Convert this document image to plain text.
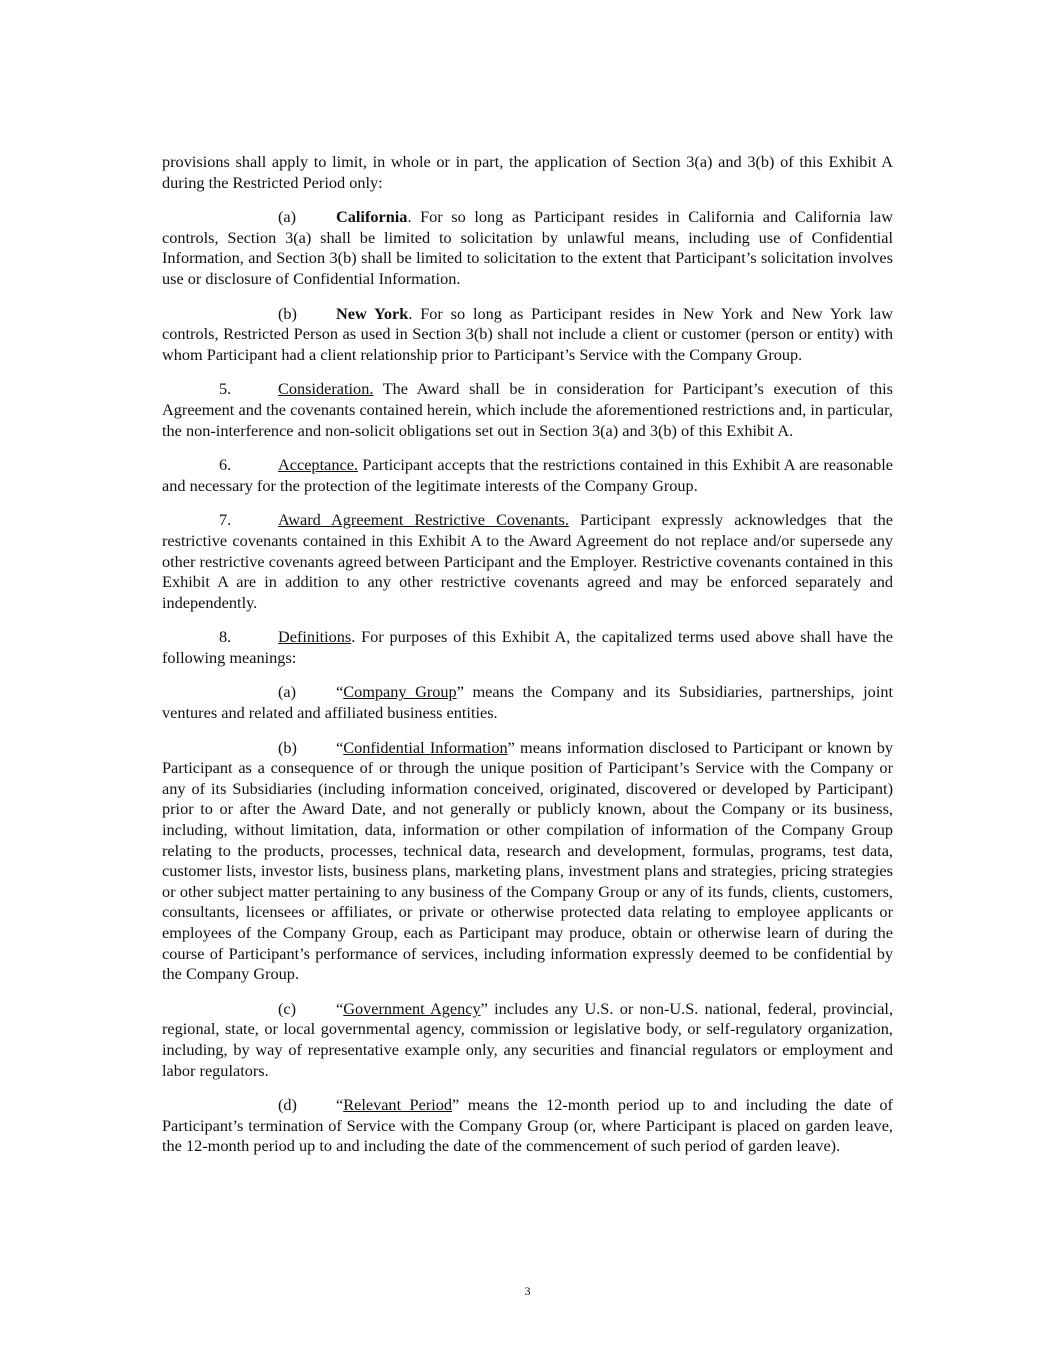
provisions shall apply to limit, in whole or in part, the application of Section 3(a) and 3(b) of this Exhibit A during the Restricted Period only:

(a) California. For so long as Participant resides in California and California law controls, Section 3(a) shall be limited to solicitation by unlawful means, including use of Confidential Information, and Section 3(b) shall be limited to solicitation to the extent that Participant’s solicitation involves use or disclosure of Confidential Information.

(b) New York. For so long as Participant resides in New York and New York law controls, Restricted Person as used in Section 3(b) shall not include a client or customer (person or entity) with whom Participant had a client relationship prior to Participant’s Service with the Company Group.

5.	Consideration. The Award shall be in consideration for Participant’s execution of this Agreement and the covenants contained herein, which include the aforementioned restrictions and, in particular, the non-interference and non-solicit obligations set out in Section 3(a) and 3(b) of this Exhibit A.

6.	Acceptance. Participant accepts that the restrictions contained in this Exhibit A are reasonable and necessary for the protection of the legitimate interests of the Company Group.

7.	Award Agreement Restrictive Covenants. Participant expressly acknowledges that the restrictive covenants contained in this Exhibit A to the Award Agreement do not replace and/or supersede any other restrictive covenants agreed between Participant and the Employer. Restrictive covenants contained in this Exhibit A are in addition to any other restrictive covenants agreed and may be enforced separately and independently.

8.	Definitions. For purposes of this Exhibit A, the capitalized terms used above shall have the following meanings:

(a) “Company Group” means the Company and its Subsidiaries, partnerships, joint ventures and related and affiliated business entities.

(b) “Confidential Information” means information disclosed to Participant or known by Participant as a consequence of or through the unique position of Participant’s Service with the Company or any of its Subsidiaries (including information conceived, originated, discovered or developed by Participant) prior to or after the Award Date, and not generally or publicly known, about the Company or its business, including, without limitation, data, information or other compilation of information of the Company Group relating to the products, processes, technical data, research and development, formulas, programs, test data, customer lists, investor lists, business plans, marketing plans, investment plans and strategies, pricing strategies or other subject matter pertaining to any business of the Company Group or any of its funds, clients, customers, consultants, licensees or affiliates, or private or otherwise protected data relating to employee applicants or employees of the Company Group, each as Participant may produce, obtain or otherwise learn of during the course of Participant’s performance of services, including information expressly deemed to be confidential by the Company Group.

(c) “Government Agency” includes any U.S. or non-U.S. national, federal, provincial, regional, state, or local governmental agency, commission or legislative body, or self-regulatory organization, including, by way of representative example only, any securities and financial regulators or employment and labor regulators.

(d) “Relevant Period” means the 12-month period up to and including the date of Participant’s termination of Service with the Company Group (or, where Participant is placed on garden leave, the 12-month period up to and including the date of the commencement of such period of garden leave).

3
